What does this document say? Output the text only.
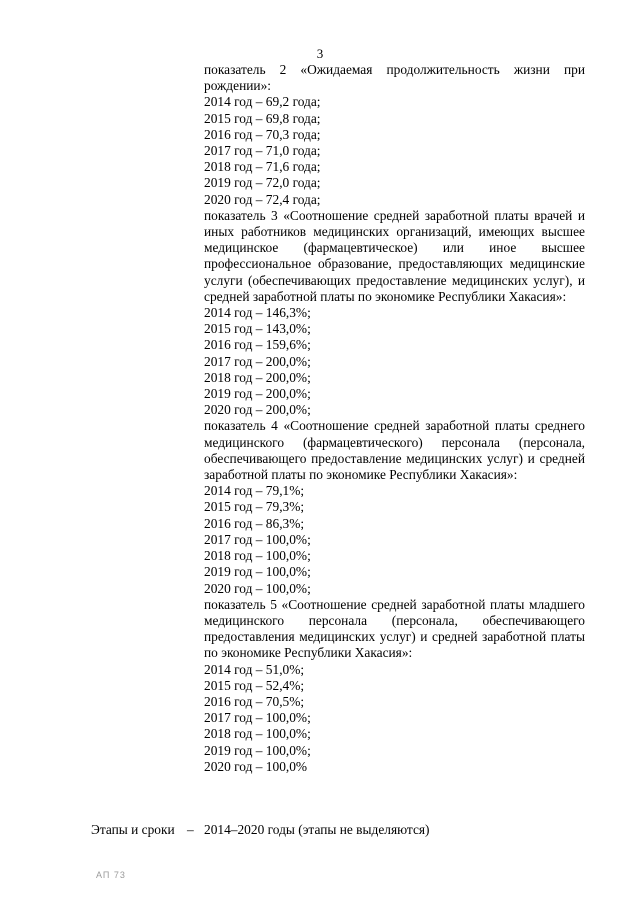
3

показатель 2 «Ожидаемая продолжительность жизни при рождении»:

2014 год – 69,2 года;

2015 год – 69,8 года;

2016 год – 70,3 года;

2017 год – 71,0 года;

2018 год – 71,6 года;

2019 год – 72,0 года;

2020 год – 72,4 года;

показатель 3 «Соотношение средней заработной платы врачей и иных работников медицинских организаций, имеющих высшее медицинское (фармацевтическое) или иное высшее профессиональное образование, предоставляющих медицинские услуги (обеспечивающих предоставление медицинских услуг), и средней заработной платы по экономике Республики Хакасия»:

2014 год – 146,3%;

2015 год – 143,0%;

2016 год – 159,6%;

2017 год – 200,0%;

2018 год – 200,0%;

2019 год – 200,0%;

2020 год – 200,0%;

показатель 4 «Соотношение средней заработной платы среднего медицинского (фармацевтического) персонала (персонала, обеспечивающего предоставление медицинских услуг) и средней заработной платы по экономике Республики Хакасия»:

2014 год – 79,1%;

2015 год – 79,3%;

2016 год – 86,3%;

2017 год – 100,0%;

2018 год – 100,0%;

2019 год – 100,0%;

2020 год – 100,0%;

показатель 5 «Соотношение средней заработной платы младшего медицинского персонала (персонала, обеспечивающего предоставления медицинских услуг) и средней заработной платы по экономике Республики Хакасия»:

2014 год – 51,0%;

2015 год – 52,4%;

2016 год – 70,5%;

2017 год – 100,0%;

2018 год – 100,0%;

2019 год – 100,0%;

2020 год – 100,0%

Этапы и сроки – 2014–2020 годы (этапы не выделяются)
АП 73
